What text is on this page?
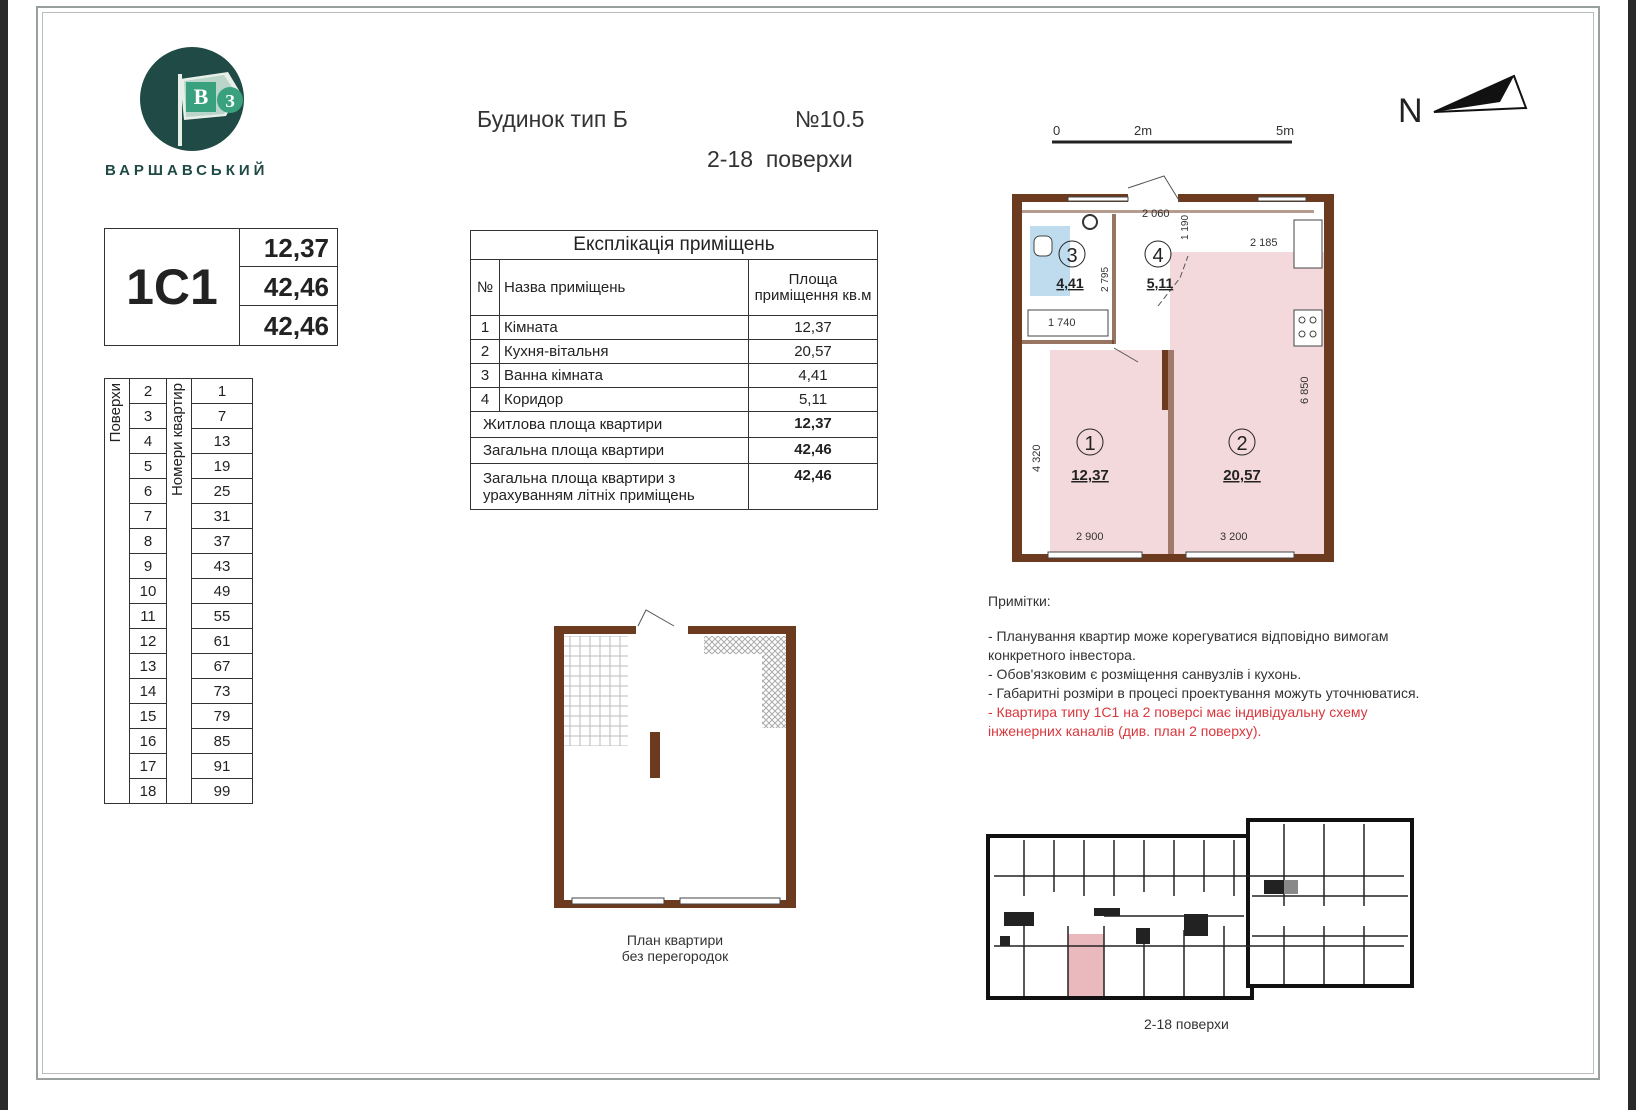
В З
ВАРШАВСЬКИЙ
Будинок тип Б	№10.5
2-18  поверхи
1С1
12,37
42,46
42,46
Поверхи	2	Номери квартир	1
	3		7
	4		13
	5		19
	6		25
	7		31
	8		37
	9		43
	10		49
	11		55
	12		61
	13		67
	14		73
	15		79
	16		85
	17		91
	18		99
Експлікація приміщень		
№	Назва приміщень	Площа приміщення кв.м
1	Кімната	12,37
2	Кухня-вітальня	20,57
3	Ванна кімната	4,41
4	Коридор	5,11
Житлова площа квартири		12,37
Загальна площа квартири		42,46
Загальна площа квартири з урахуванням літніх приміщень		42,46
0	2m	5m
N
2 060
1 190
2 185
2 795
1 740
6 850
4 320
2 900	3 200
1
12,37
2
20,57
3
4,41
4
5,11
Примітки:
- Планування квартир може корегуватися відповідно вимогам конкретного інвестора.
- Обов'язковим є розміщення санвузлів і кухонь.
- Габаритні розміри в процесі проектування можуть уточнюватися.
- Квартира типу 1С1 на 2 поверсі має індивідуальну схему інженерних каналів (див. план 2 поверху).
План квартири
без перегородок
2-18 поверхи
